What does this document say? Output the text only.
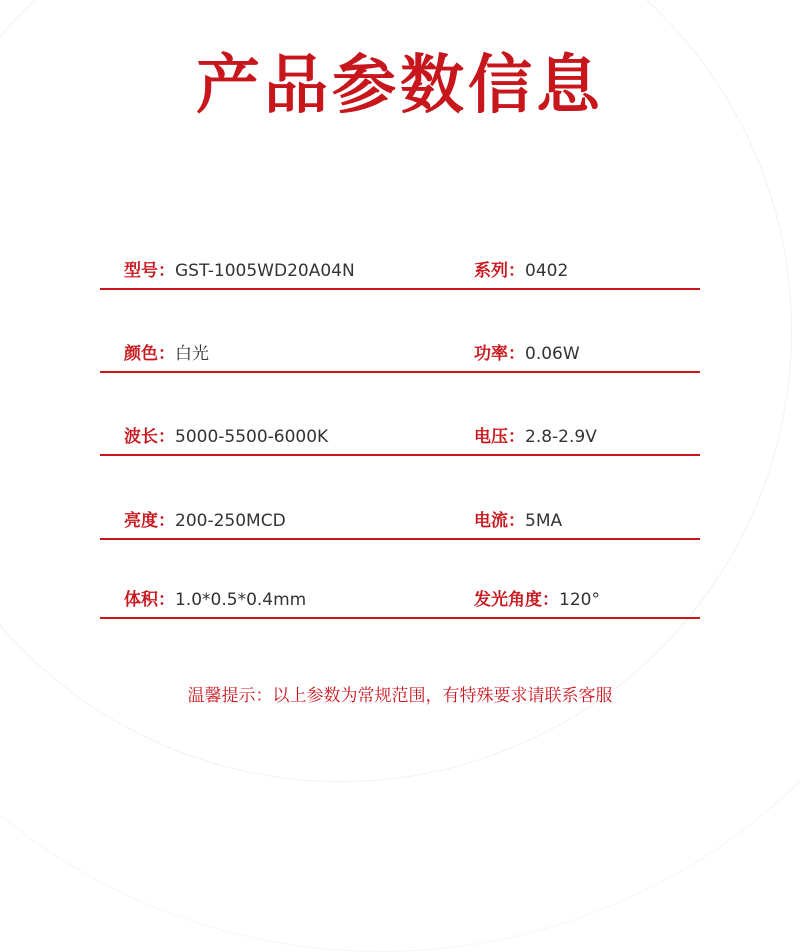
产品参数信息
型号：GST-1005WD20A04N	系列：0402
颜色：白光	功率：0.06W
波长：5000-5500-6000K	电压：2.8-2.9V
亮度：200-250MCD	电流：5MA
体积：1.0*0.5*0.4mm	发光角度：120°
温馨提示：以上参数为常规范围，有特殊要求请联系客服
